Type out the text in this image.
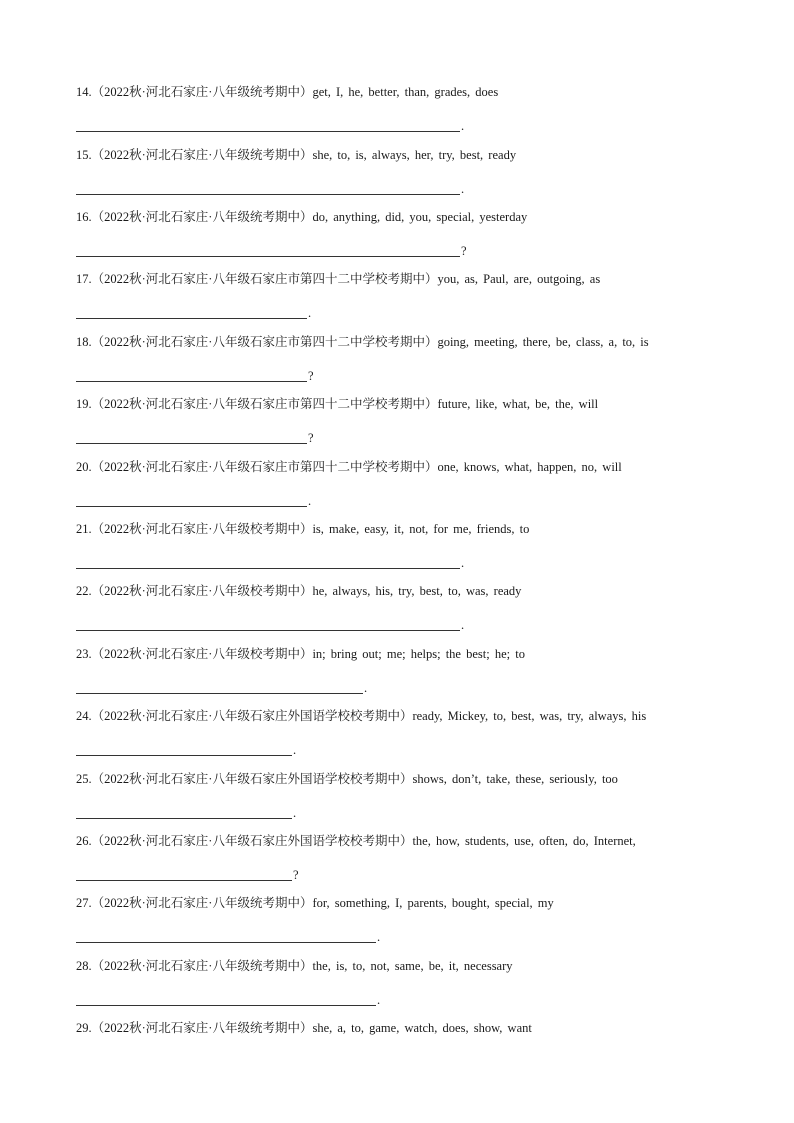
14.（2022秋·河北石家庄·八年级统考期中）get, I, he, better, than, grades, does
.
15.（2022秋·河北石家庄·八年级统考期中）she, to, is, always, her, try, best, ready
.
16.（2022秋·河北石家庄·八年级统考期中）do, anything, did, you, special, yesterday
?
17.（2022秋·河北石家庄·八年级石家庄市第四十二中学校考期中）you, as, Paul, are, outgoing, as
.
18.（2022秋·河北石家庄·八年级石家庄市第四十二中学校考期中）going, meeting, there, be, class, a, to, is
?
19.（2022秋·河北石家庄·八年级石家庄市第四十二中学校考期中）future, like, what, be, the, will
?
20.（2022秋·河北石家庄·八年级石家庄市第四十二中学校考期中）one, knows, what, happen, no, will
.
21.（2022秋·河北石家庄·八年级校考期中）is, make, easy, it, not, for me, friends, to
.
22.（2022秋·河北石家庄·八年级校考期中）he, always, his, try, best, to, was, ready
.
23.（2022秋·河北石家庄·八年级校考期中）in; bring out; me; helps; the best; he; to
.
24.（2022秋·河北石家庄·八年级石家庄外国语学校校考期中）ready, Mickey, to, best, was, try, always, his
.
25.（2022秋·河北石家庄·八年级石家庄外国语学校校考期中）shows, don’t, take, these, seriously, too
.
26.（2022秋·河北石家庄·八年级石家庄外国语学校校考期中）the, how, students, use, often, do, Internet,
?
27.（2022秋·河北石家庄·八年级统考期中）for, something, I, parents, bought, special, my
.
28.（2022秋·河北石家庄·八年级统考期中）the, is, to, not, same, be, it, necessary
.
29.（2022秋·河北石家庄·八年级统考期中）she, a, to, game, watch, does, show, want
